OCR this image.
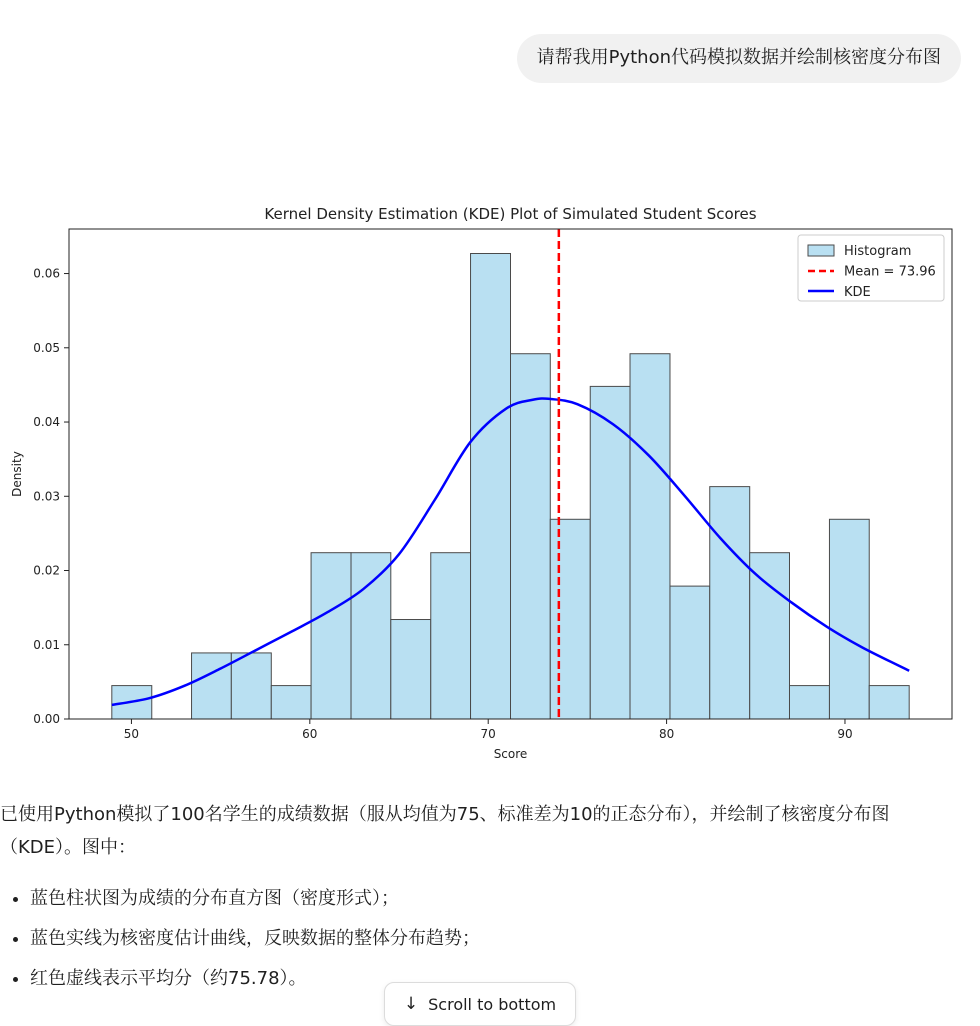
请帮我用Python代码模拟数据并绘制核密度分布图
Kernel Density Estimation (KDE) Plot of Simulated Student Scores
Density
Score
50	60	70	80	90
0.00
0.01
0.02
0.03
0.04
0.05
0.06
Histogram
Mean = 73.96
KDE

已使用Python模拟了100名学生的成绩数据（服从均值为75、标准差为10的正态分布），并绘制了核密度分布图（KDE）。图中：

• 蓝色柱状图为成绩的分布直方图（密度形式）；
• 蓝色实线为核密度估计曲线，反映数据的整体分布趋势；
• 红色虚线表示平均分（约75.78）。
↓ Scroll to bottom
